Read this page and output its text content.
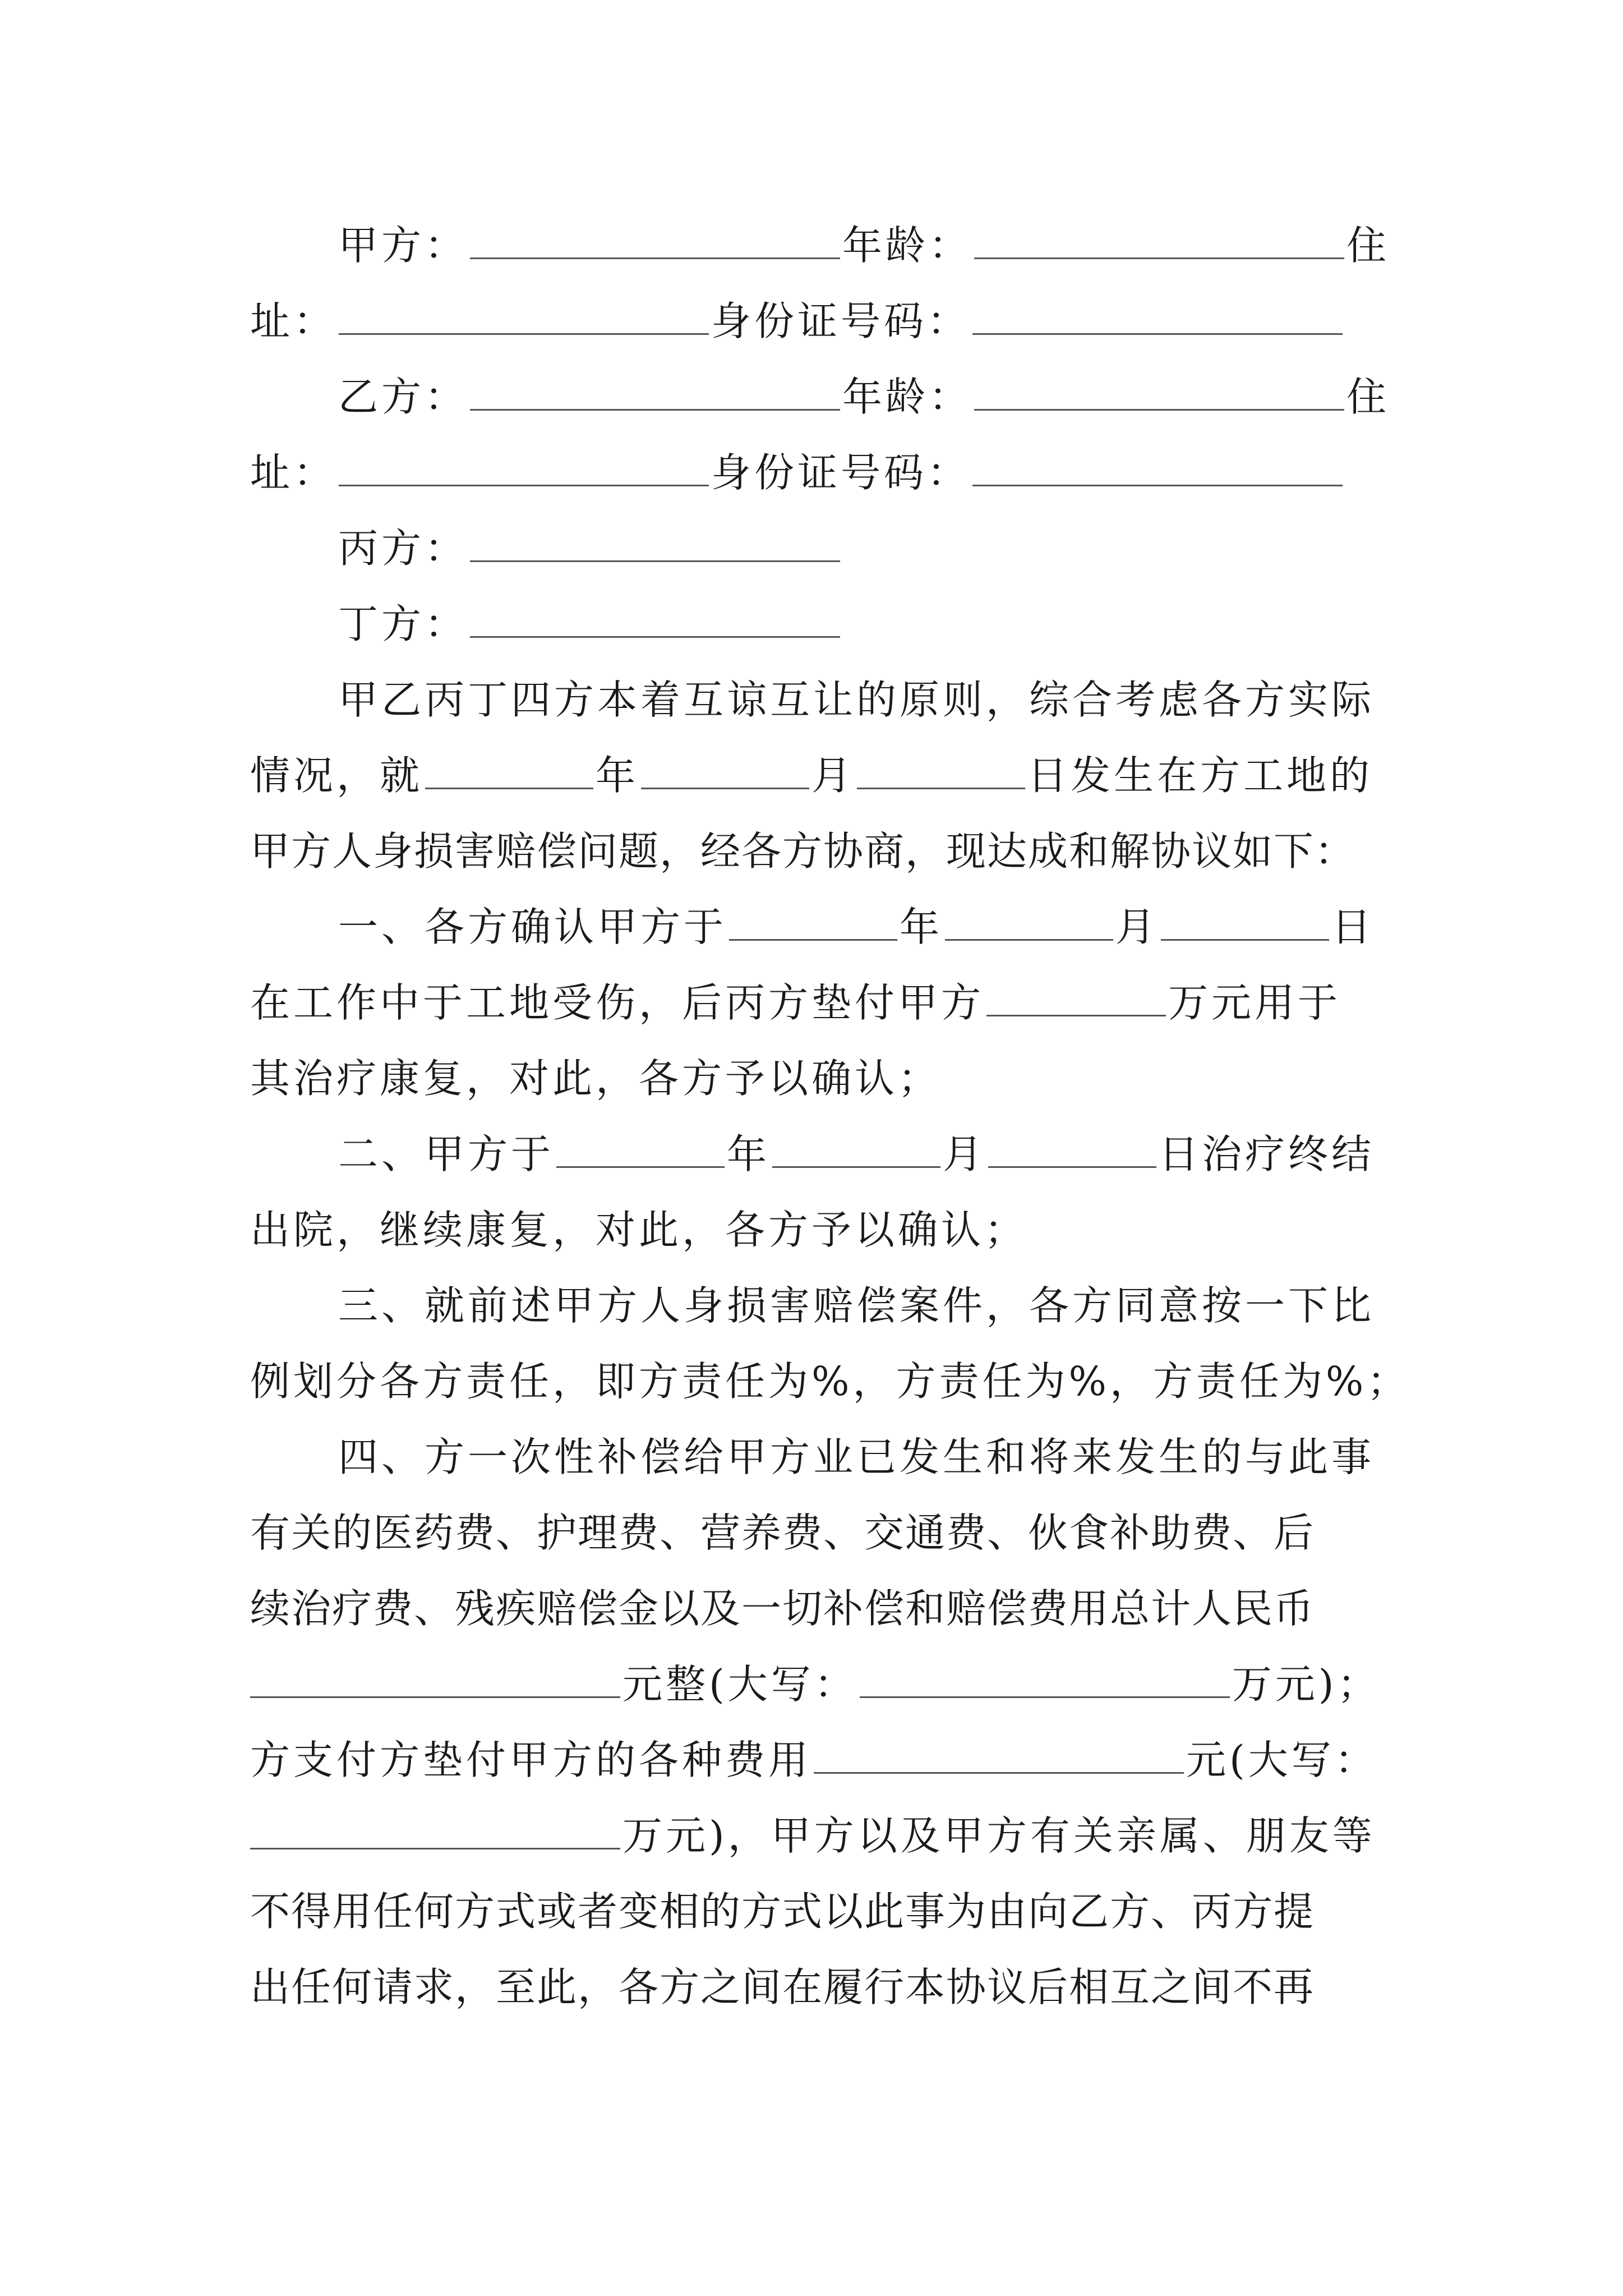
甲方：	年龄：	住
址：	身份证号码：
乙方：	年龄：	住
址：	身份证号码：
丙方：
丁方：
甲乙丙丁四方本着互谅互让的原则，综合考虑各方实际
情况，就	年	月	日发生在方工地的
甲方人身损害赔偿问题，经各方协商，现达成和解协议如下：
一、各方确认甲方于	年	月	日
在工作中于工地受伤，后丙方垫付甲方	万元用于
其治疗康复，对此，各方予以确认；
二、甲方于	年	月	日治疗终结
出院，继续康复，对此，各方予以确认；
三、就前述甲方人身损害赔偿案件，各方同意按一下比
例划分各方责任，即方责任为%，方责任为%，方责任为%；
四、方一次性补偿给甲方业已发生和将来发生的与此事
有关的医药费、护理费、营养费、交通费、伙食补助费、后
续治疗费、残疾赔偿金以及一切补偿和赔偿费用总计人民币
元整(大写：	万元)；
方支付方垫付甲方的各种费用	元(大写：
万元)，甲方以及甲方有关亲属、朋友等
不得用任何方式或者变相的方式以此事为由向乙方、丙方提
出任何请求，至此，各方之间在履行本协议后相互之间不再
